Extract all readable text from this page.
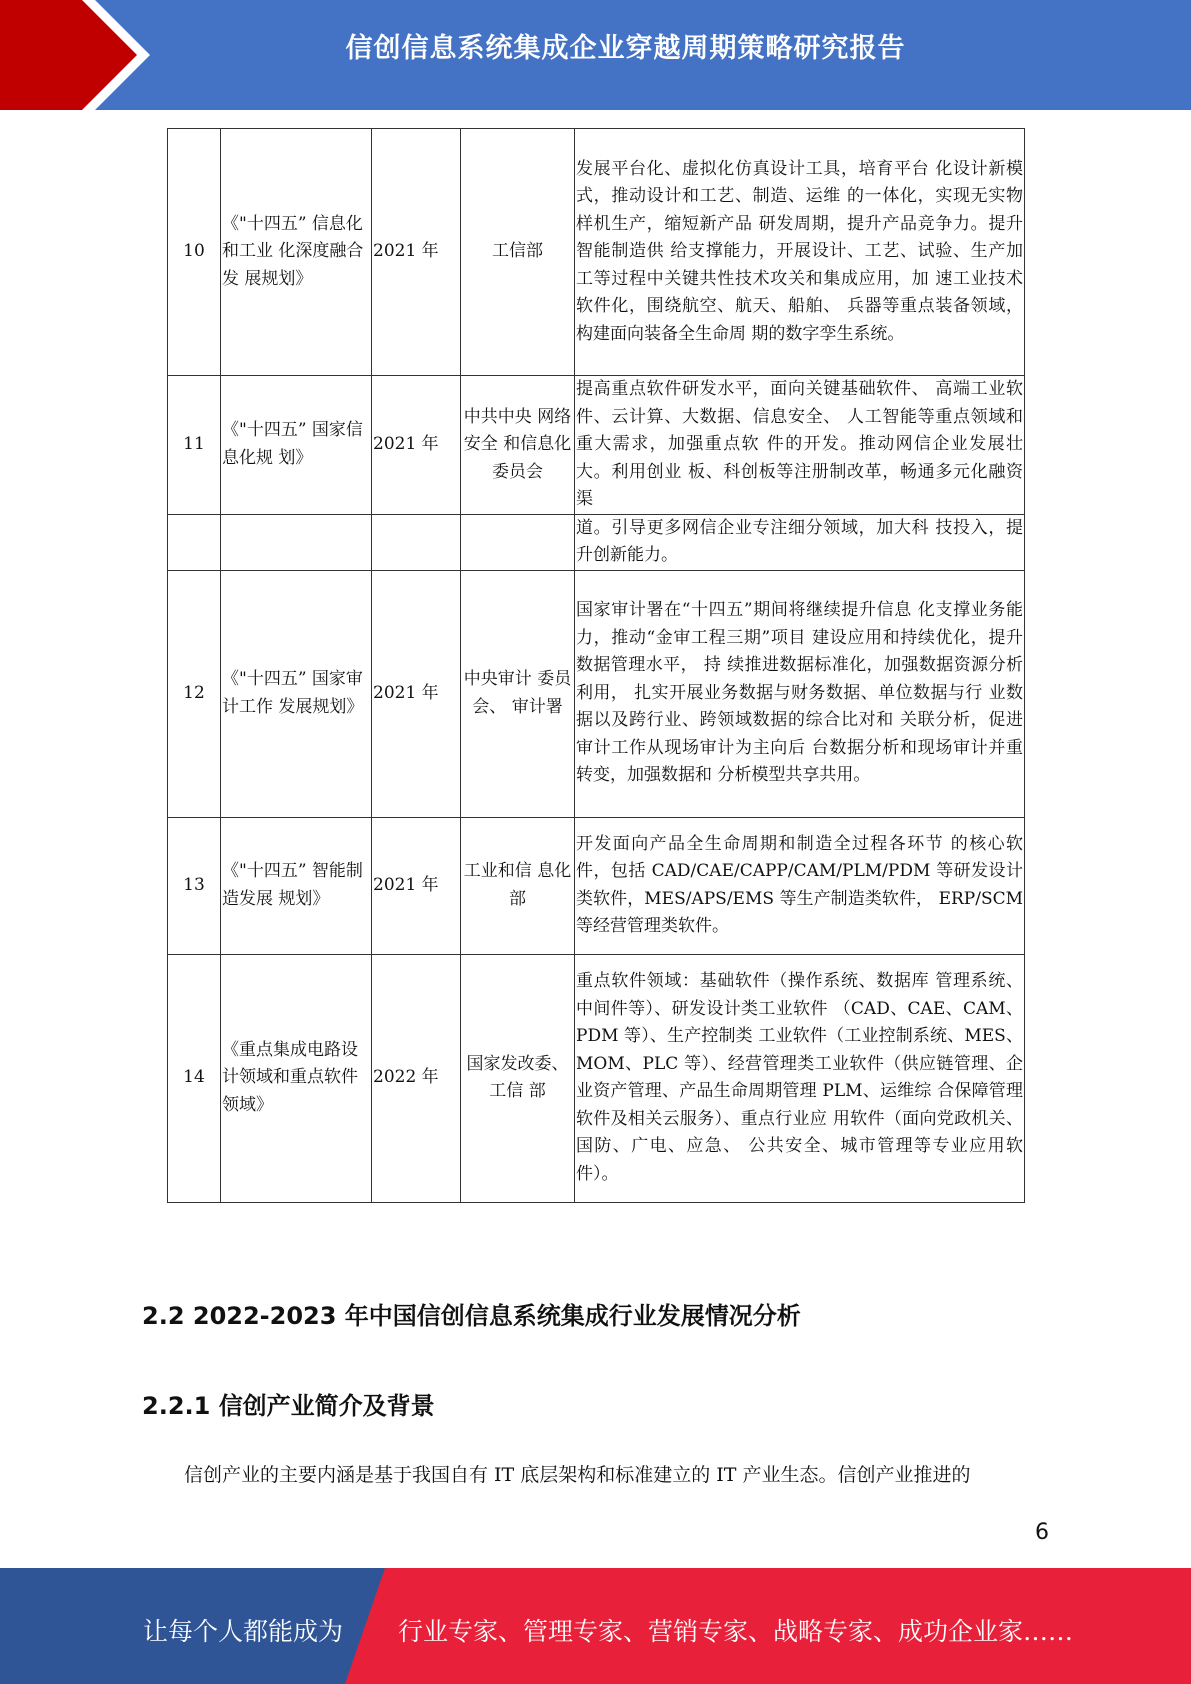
信创信息系统集成企业穿越周期策略研究报告
10	《"十四五” 信息化和工业 化深度融合发 展规划》	2021 年	工信部	发展平台化、虚拟化仿真设计工具，培育平台 化设计新模式，推动设计和工艺、制造、运维 的一体化，实现无实物样机生产，缩短新产品 研发周期，提升产品竞争力。提升智能制造供 给支撑能力，开展设计、工艺、试验、生产加 工等过程中关键共性技术攻关和集成应用，加 速工业技术软件化，围绕航空、航天、船舶、 兵器等重点装备领域，构建面向装备全生命周 期的数字孪生系统。
11	《"十四五” 国家信息化规 划》	2021 年	中共中央 网络安全 和信息化 委员会	提高重点软件研发水平，面向关键基础软件、 高端工业软件、云计算、大数据、信息安全、 人工智能等重点领域和重大需求，加强重点软 件的开发。推动网信企业发展壮大。利用创业 板、科创板等注册制改革，畅通多元化融资渠
				道。引导更多网信企业专注细分领域，加大科 技投入，提升创新能力。
12	《"十四五” 国家审计工作 发展规划》	2021 年	中央审计 委员会、 审计署	国家审计署在“十四五”期间将继续提升信息 化支撑业务能力，推动“金审工程三期”项目 建设应用和持续优化，提升数据管理水平， 持 续推进数据标准化，加强数据资源分析利用， 扎实开展业务数据与财务数据、单位数据与行 业数据以及跨行业、跨领域数据的综合比对和 关联分析，促进审计工作从现场审计为主向后 台数据分析和现场审计并重转变，加强数据和 分析模型共享共用。
13	《"十四五” 智能制造发展 规划》	2021 年	工业和信 息化部	开发面向产品全生命周期和制造全过程各环节 的核心软件，包括 CAD/CAE/CAPP/CAM/PLM/PDM 等研发设计 类软件，MES/APS/EMS 等生产制造类软件， ERP/SCM 等经营管理类软件。
14	《重点集成电路设计领域和重点软件领域》	2022 年	国家发改委、工信 部	重点软件领域：基础软件（操作系统、数据库 管理系统、中间件等）、研发设计类工业软件 （CAD、CAE、CAM、PDM 等）、生产控制类 工业软件（工业控制系统、MES、MOM、PLC 等）、经营管理类工业软件（供应链管理、企 业资产管理、产品生命周期管理 PLM、运维综 合保障管理软件及相关云服务）、重点行业应 用软件（面向党政机关、国防、广电、应急、 公共安全、城市管理等专业应用软件）。
2.2 2022-2023 年中国信创信息系统集成行业发展情况分析
2.2.1 信创产业简介及背景
信创产业的主要内涵是基于我国自有 IT 底层架构和标准建立的 IT 产业生态。信创产业推进的
6
让每个人都能成为 行业专家、管理专家、营销专家、战略专家、成功企业家……
